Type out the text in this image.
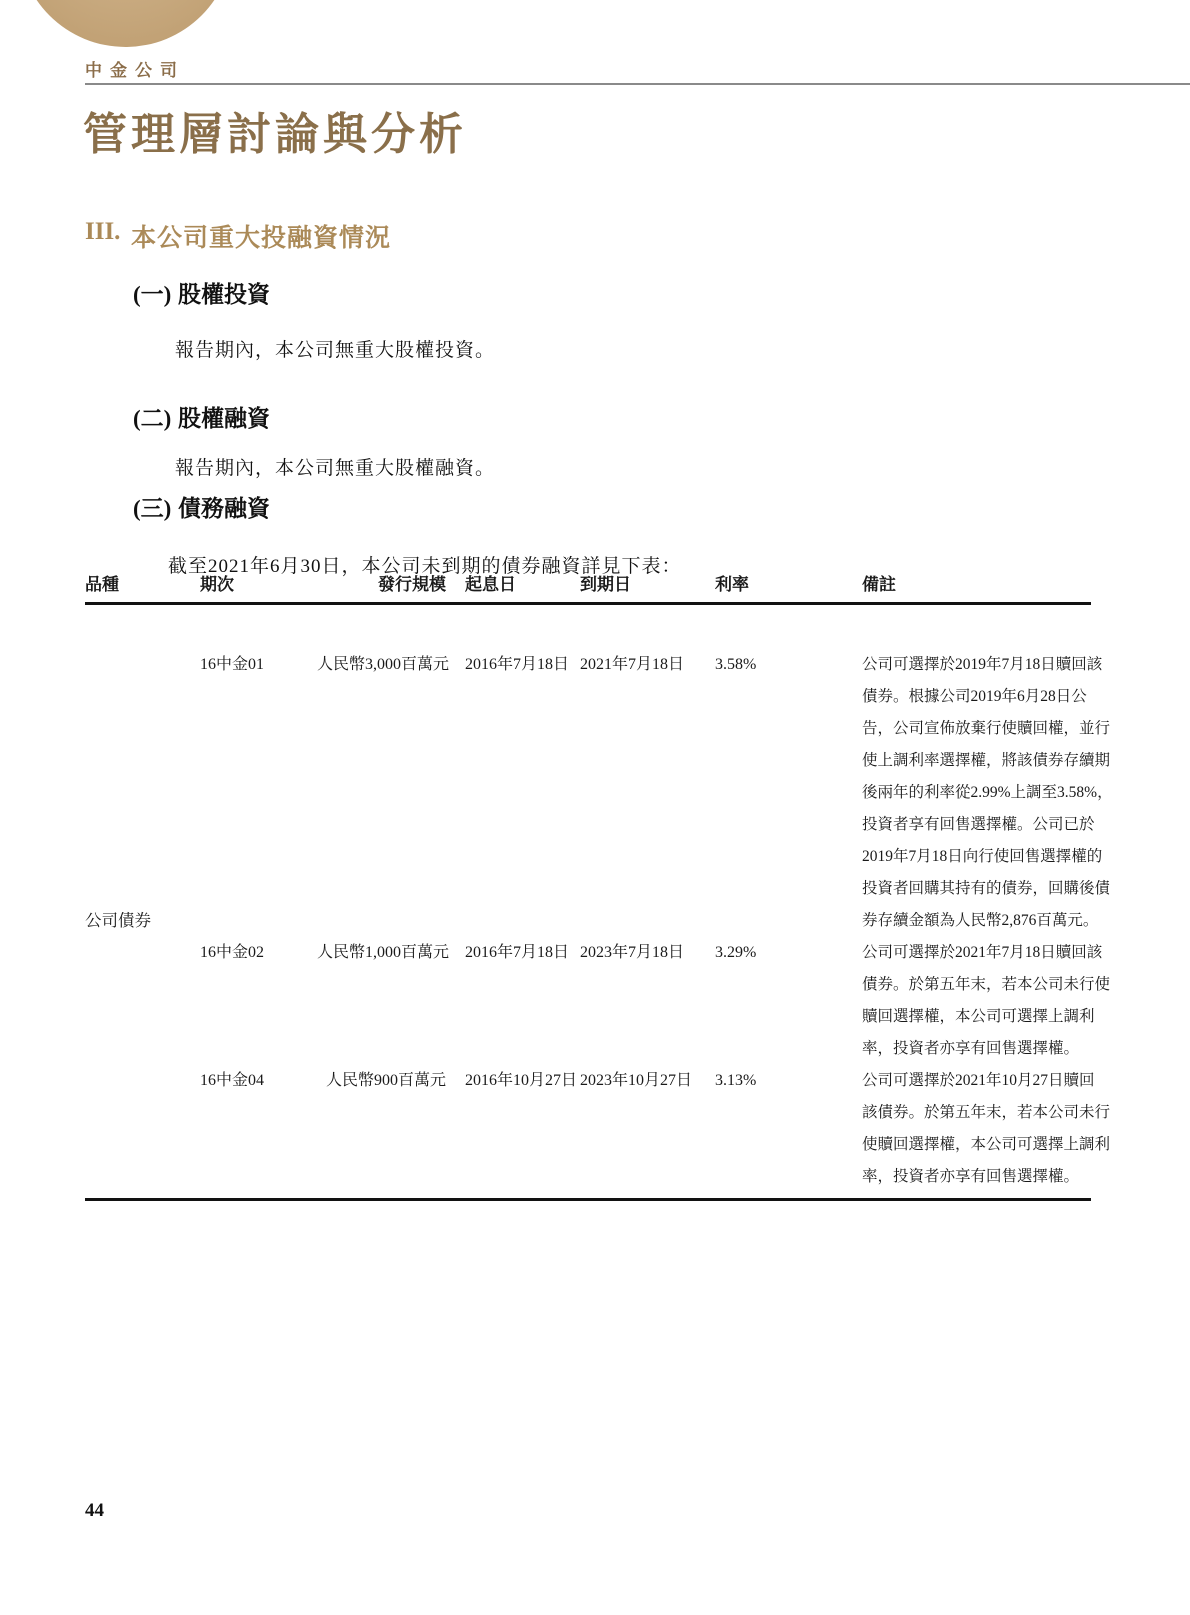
中金公司
管理層討論與分析
III. 本公司重大投融資情況
(一) 股權投資

報告期內，本公司無重大股權投資。

(二) 股權融資

報告期內，本公司無重大股權融資。

(三) 債務融資

截至2021年6月30日，本公司未到期的債券融資詳見下表：

品種	期次	發行規模 起息日	到期日	利率	備註
公司債券
16中金01	人民幣3,000百萬元 2016年7月18日 2021年7月18日	3.58%	公司可選擇於2019年7月18日贖回該
債券。根據公司2019年6月28日公
告，公司宣佈放棄行使贖回權，並行
使上調利率選擇權，將該債券存續期
後兩年的利率從2.99%上調至3.58%，
投資者享有回售選擇權。公司已於
2019年7月18日向行使回售選擇權的
投資者回購其持有的債券，回購後債
券存續金額為人民幣2,876百萬元。
16中金02	人民幣1,000百萬元 2016年7月18日 2023年7月18日	3.29%	公司可選擇於2021年7月18日贖回該
債券。於第五年末，若本公司未行使
贖回選擇權，本公司可選擇上調利
率，投資者亦享有回售選擇權。
16中金04	人民幣900百萬元 2016年10月27日 2023年10月27日	3.13%	公司可選擇於2021年10月27日贖回
該債券。於第五年末，若本公司未行
使贖回選擇權，本公司可選擇上調利
率，投資者亦享有回售選擇權。
44
